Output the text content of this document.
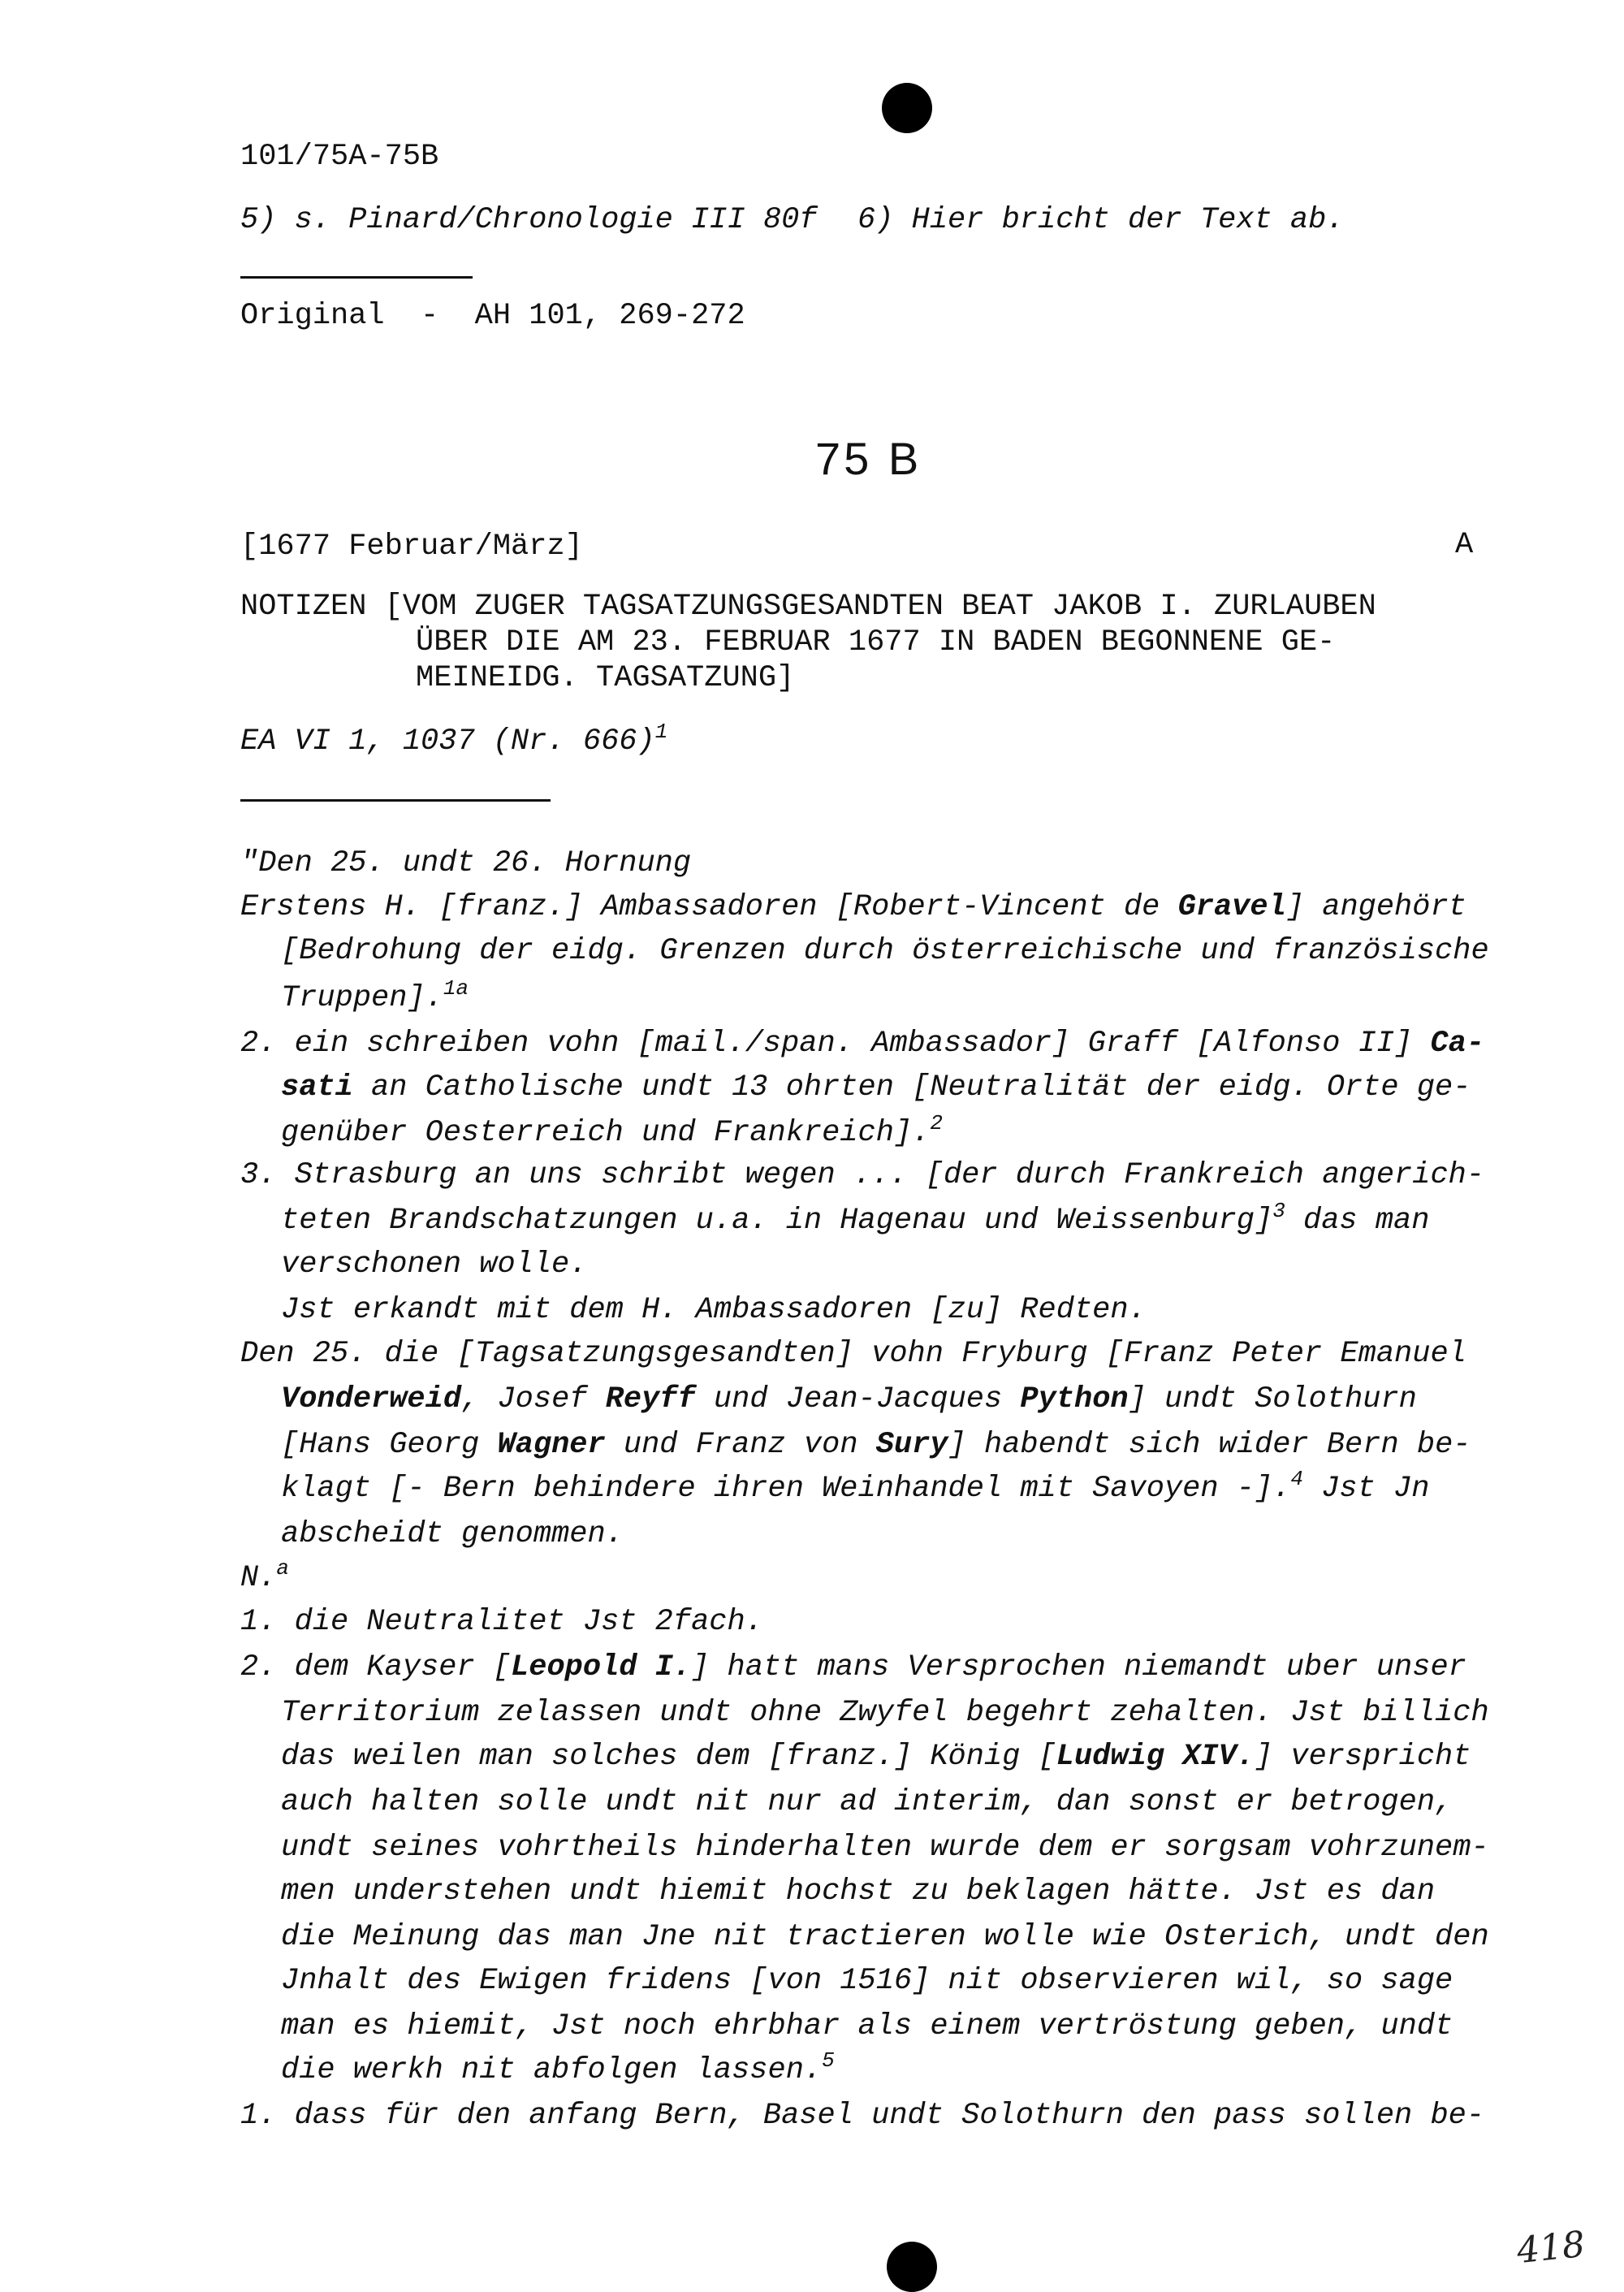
101/75A-75B
5) s. Pinard/Chronologie III 80f 6) Hier bricht der Text ab.
Original  -  AH 101, 269-272
75 B
[1677 Februar/März]	A
NOTIZEN [VOM ZUGER TAGSATZUNGSGESANDTEN BEAT JAKOB I. ZURLAUBEN
ÜBER DIE AM 23. FEBRUAR 1677 IN BADEN BEGONNENE GE-
MEINEIDG. TAGSATZUNG]
EA VI 1, 1037 (Nr. 666)$^1$
"Den 25. undt 26. Hornung
Erstens H. [franz.] Ambassadoren [Robert-Vincent de Gravel] angehört
[Bedrohung der eidg. Grenzen durch österreichische und französische
Truppen].$^{1a}$
2. ein schreiben vohn [mail./span. Ambassador] Graff [Alfonso II] Ca-
sati an Catholische undt 13 ohrten [Neutralität der eidg. Orte ge-
genüber Oesterreich und Frankreich].$^2$
3. Strasburg an uns schribt wegen ... [der durch Frankreich angerich-
teten Brandschatzungen u.a. in Hagenau und Weissenburg]$^3$ das man
verschonen wolle.
Jst erkandt mit dem H. Ambassadoren [zu] Redten.
Den 25. die [Tagsatzungsgesandten] vohn Fryburg [Franz Peter Emanuel
Vonderweid, Josef Reyff und Jean-Jacques Python] undt Solothurn
[Hans Georg Wagner und Franz von Sury] habendt sich wider Bern be-
klagt [- Bern behindere ihren Weinhandel mit Savoyen -].$^4$ Jst Jn
abscheidt genommen.
N.$^a$
1. die Neutralitet Jst 2fach.
2. dem Kayser [Leopold I.] hatt mans Versprochen niemandt uber unser
Territorium zelassen undt ohne Zwyfel begehrt zehalten. Jst billich
das weilen man solches dem [franz.] König [Ludwig XIV.] verspricht
auch halten solle undt nit nur ad interim, dan sonst er betrogen,
undt seines vohrtheils hinderhalten wurde dem er sorgsam vohrzunem-
men understehen undt hiemit hochst zu beklagen hätte. Jst es dan
die Meinung das man Jne nit tractieren wolle wie Osterich, undt den
Jnhalt des Ewigen fridens [von 1516] nit observieren wil, so sage
man es hiemit, Jst noch ehrbhar als einem vertröstung geben, undt
die werkh nit abfolgen lassen.$^5$
1. dass für den anfang Bern, Basel undt Solothurn den pass sollen be-
418
